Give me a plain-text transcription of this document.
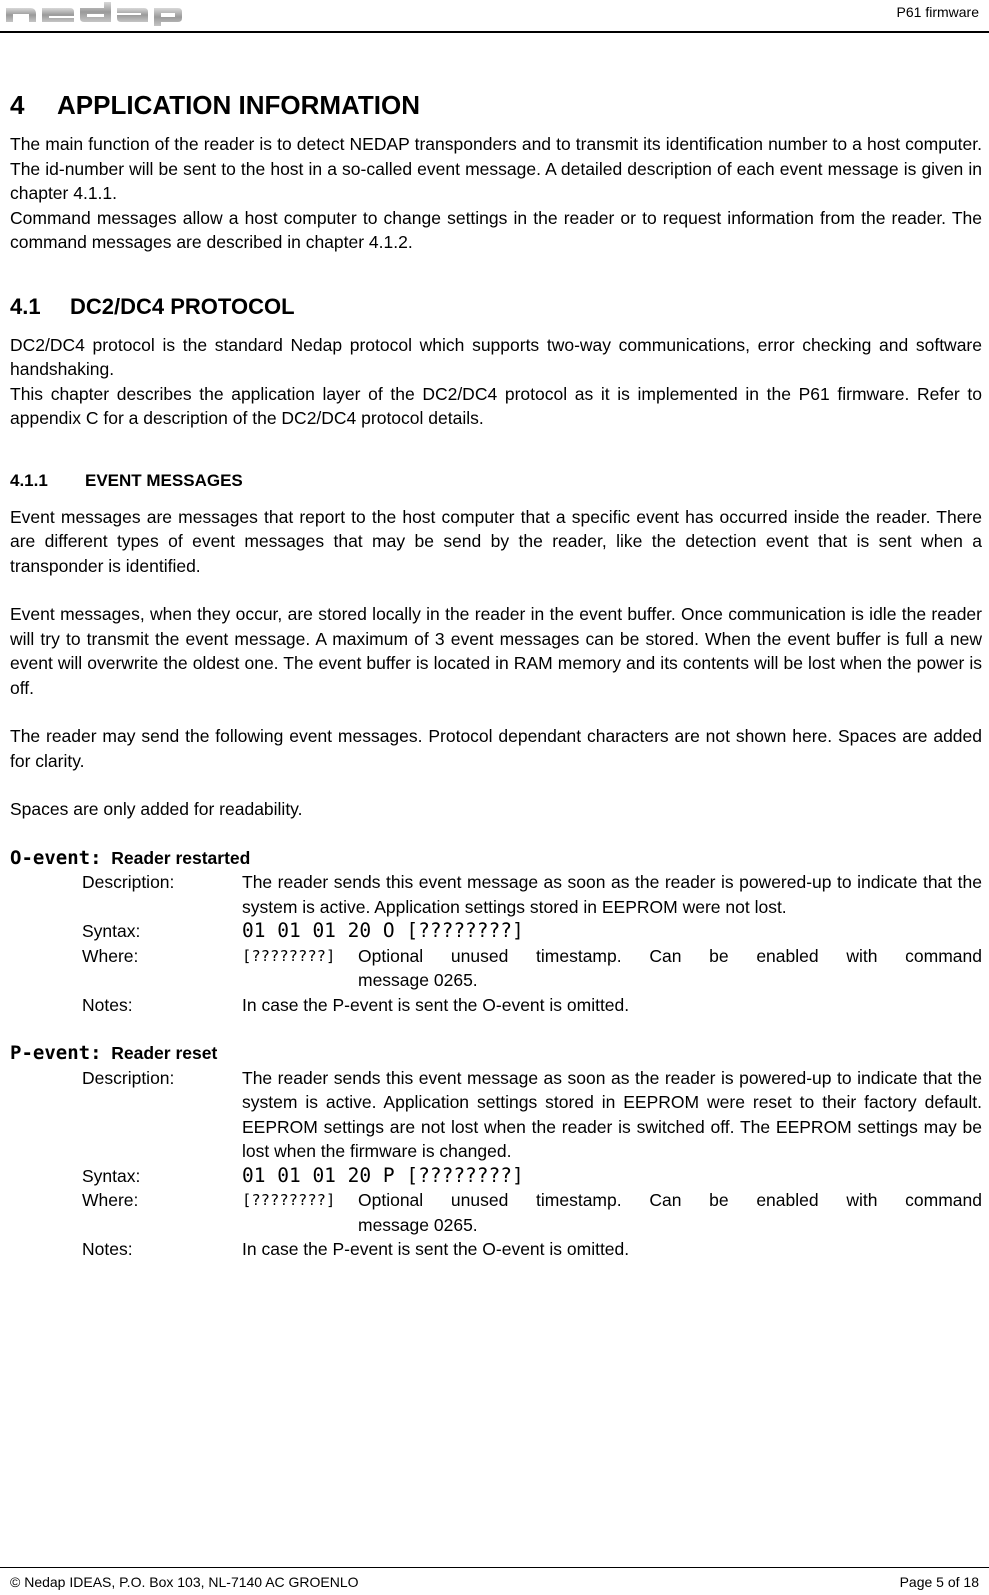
P61 firmware
4	APPLICATION INFORMATION

The main function of the reader is to detect NEDAP transponders and to transmit its identification number to a host computer. The id-number will be sent to the host in a so-called event message. A detailed description of each event message is given in chapter 4.1.1.

Command messages allow a host computer to change settings in the reader or to request information from the reader. The command messages are described in chapter 4.1.2.

4.1	DC2/DC4 PROTOCOL

DC2/DC4 protocol is the standard Nedap protocol which supports two-way communications, error checking and software handshaking.

This chapter describes the application layer of the DC2/DC4 protocol as it is implemented in the P61 firmware. Refer to appendix C for a description of the DC2/DC4 protocol details.

4.1.1	EVENT MESSAGES

Event messages are messages that report to the host computer that a specific event has occurred inside the reader. There are different types of event messages that may be send by the reader, like the detection event that is sent when a transponder is identified.

Event messages, when they occur, are stored locally in the reader in the event buffer. Once communication is idle the reader will try to transmit the event message. A maximum of 3 event messages can be stored. When the event buffer is full a new event will overwrite the oldest one. The event buffer is located in RAM memory and its contents will be lost when the power is off.

The reader may send the following event messages. Protocol dependant characters are not shown here. Spaces are added for clarity.

Spaces are only added for readability.

O-event: Reader restarted
Description:	The reader sends this event message as soon as the reader is powered-up to indicate that the system is active. Application settings stored in EEPROM were not lost.
Syntax:	01 01 01 20 O [????????]
Where:	[????????]	Optional unused timestamp. Can be enabled with command
message 0265.
Notes:	In case the P-event is sent the O-event is omitted.
P-event: Reader reset
Description:	The reader sends this event message as soon as the reader is powered-up to indicate that the system is active. Application settings stored in EEPROM were reset to their factory default. EEPROM settings are not lost when the reader is switched off. The EEPROM settings may be lost when the firmware is changed.
Syntax:	01 01 01 20 P [????????]
Where:	[????????]	Optional unused timestamp. Can be enabled with command
message 0265.
Notes:	In case the P-event is sent the O-event is omitted.
© Nedap IDEAS, P.O. Box 103, NL-7140 AC GROENLO	Page 5 of 18
